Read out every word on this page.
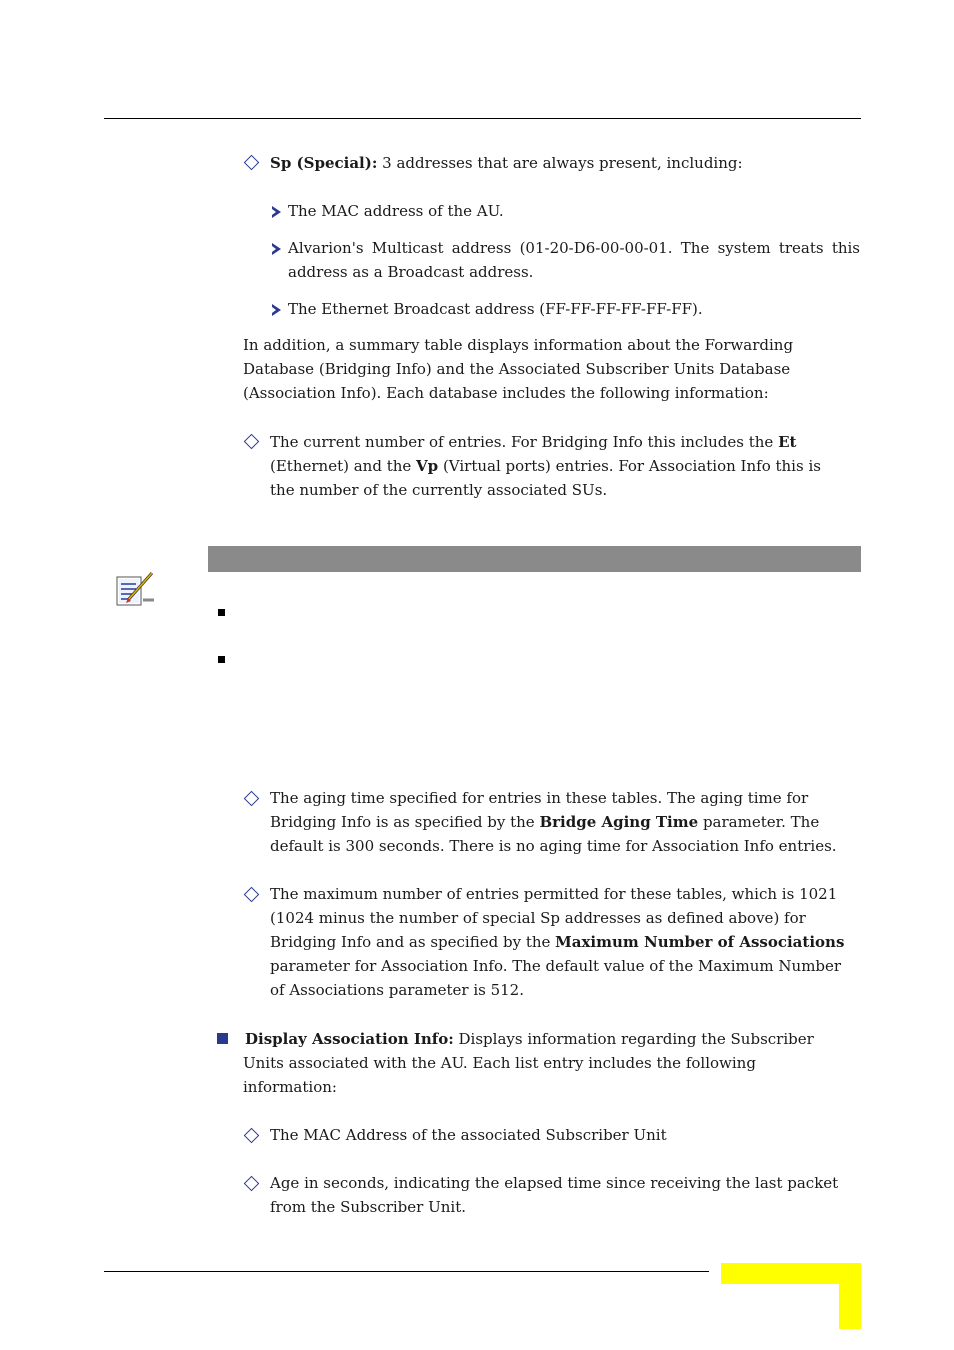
Sp (Special): 3 addresses that are always present, including:
The MAC address of the AU.
Alvarion's Multicast address (01-20-D6-00-00-01. The system treats this address as a Broadcast address.
The Ethernet Broadcast address (FF-FF-FF-FF-FF-FF).
In addition, a summary table displays information about the Forwarding Database (Bridging Info) and the Associated Subscriber Units Database (Association Info). Each database includes the following information:
The current number of entries. For Bridging Info this includes the Et (Ethernet) and the Vp (Virtual ports) entries. For Association Info this is the number of the currently associated SUs.
The aging time specified for entries in these tables. The aging time for Bridging Info is as specified by the Bridge Aging Time parameter. The default is 300 seconds. There is no aging time for Association Info entries.
The maximum number of entries permitted for these tables, which is 1021 (1024 minus the number of special Sp addresses as defined above) for Bridging Info and as specified by the Maximum Number of Associations parameter for Association Info. The default value of the Maximum Number of Associations parameter is 512.
Display Association Info: Displays information regarding the Subscriber Units associated with the AU. Each list entry includes the following information:
The MAC Address of the associated Subscriber Unit
Age in seconds, indicating the elapsed time since receiving the last packet from the Subscriber Unit.
